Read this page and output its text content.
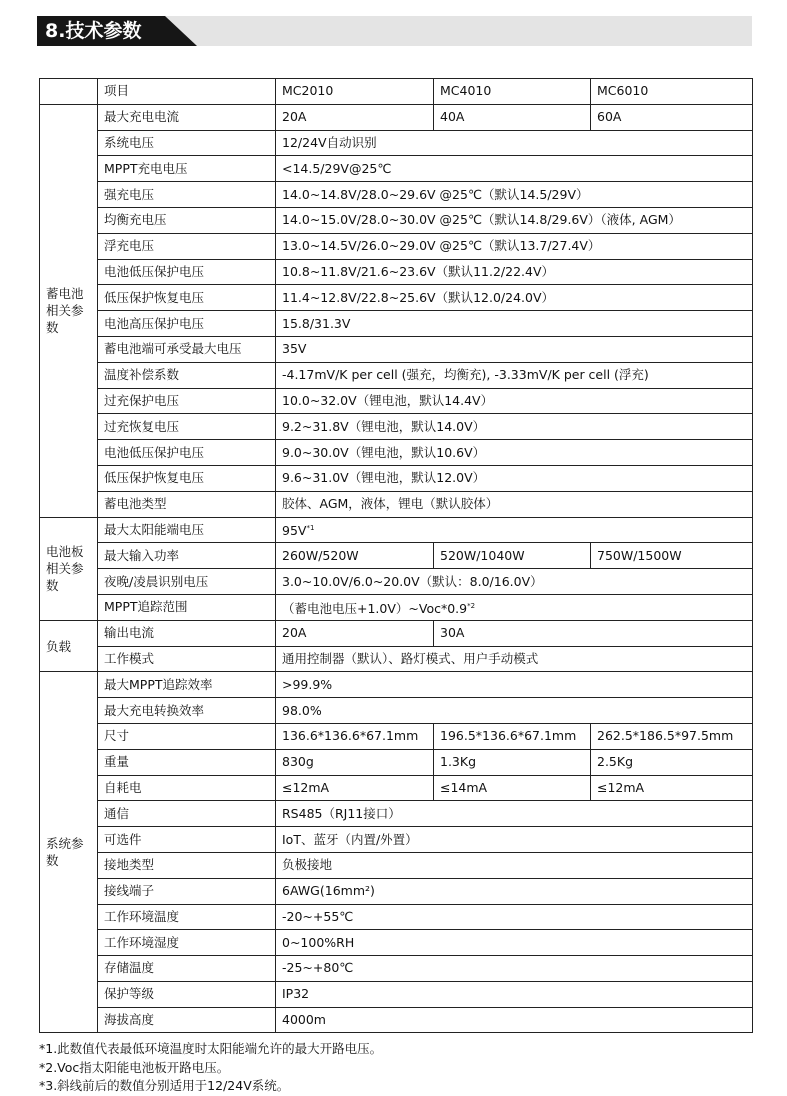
8.技术参数
	项目	MC2010	MC4010	MC6010
蓄电池相关参数	最大充电电流	20A	40A	60A
	系统电压	12/24V自动识别		
	MPPT充电电压	<14.5/29V@25℃		
	强充电压	14.0~14.8V/28.0~29.6V @25℃（默认14.5/29V）		
	均衡充电压	14.0~15.0V/28.0~30.0V @25℃（默认14.8/29.6V）（液体, AGM）		
	浮充电压	13.0~14.5V/26.0~29.0V @25℃（默认13.7/27.4V）		
	电池低压保护电压	10.8~11.8V/21.6~23.6V（默认11.2/22.4V）		
	低压保护恢复电压	11.4~12.8V/22.8~25.6V（默认12.0/24.0V）		
	电池高压保护电压	15.8/31.3V		
	蓄电池端可承受最大电压	35V		
	温度补偿系数	-4.17mV/K per cell (强充，均衡充), -3.33mV/K per cell (浮充)		
	过充保护电压	10.0~32.0V（锂电池，默认14.4V）		
	过充恢复电压	9.2~31.8V（锂电池，默认14.0V）		
	电池低压保护电压	9.0~30.0V（锂电池，默认10.6V）		
	低压保护恢复电压	9.6~31.0V（锂电池，默认12.0V）		
	蓄电池类型	胶体、AGM，液体，锂电（默认胶体）		
电池板相关参数	最大太阳能端电压	$95V^{*1}$
	最大输入功率	260W/520W	520W/1040W	750W/1500W
	夜晚/凌晨识别电压	3.0~10.0V/6.0~20.0V（默认：8.0/16.0V）		
	MPPT追踪范围	（蓄电池电压$+1.0V)\sim Voc*0.9^{*2}$
负载	输出电流	20A	30A	
	工作模式	通用控制器（默认）、路灯模式、用户手动模式		
系统参数	最大MPPT追踪效率	>99.9%		
	最大充电转换效率	98.0%		
	尺寸	136.6*136.6*67.1mm	196.5*136.6*67.1mm	262.5*186.5*97.5mm
	重量	830g	1.3Kg	2.5Kg
	自耗电	≤12mA	≤14mA	≤12mA
	通信	RS485（RJ11接口）		
	可选件	IoT、蓝牙（内置/外置）		
	接地类型	负极接地		
	接线端子	6AWG(16mm²)		
	工作环境温度	-20~+55℃		
	工作环境湿度	0~100%RH		
	存储温度	-25~+80℃		
	保护等级	IP32		
	海拔高度	4000m		
*1.此数值代表最低环境温度时太阳能端允许的最大开路电压。
*2.Voc指太阳能电池板开路电压。
*3.斜线前后的数值分别适用于12/24V系统。
